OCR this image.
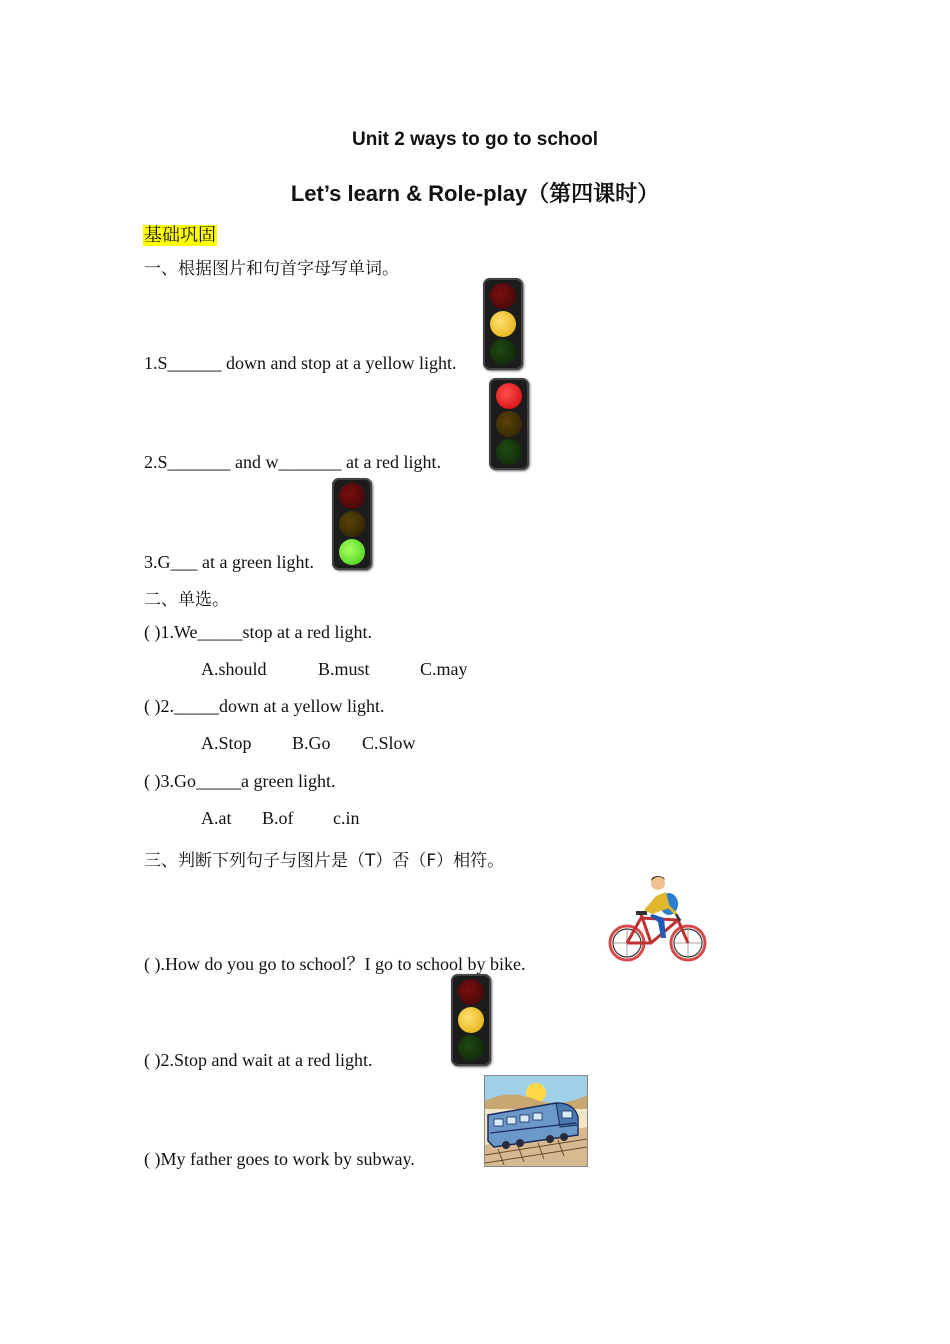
Unit 2 ways to go to school
Let’s learn & Role-play（第四课时）
基础巩固
一、根据图片和句首字母写单词。
1.S______ down and stop at a yellow light.
2.S_______ and w_______ at a red light.
3.G___ at a green light.
二、单选。
( )1.We_____stop at a red light.
A.should	B.must	C.may
( )2._____down at a yellow light.
A.Stop B.Go C.Slow
( )3.Go_____a green light.
A.at B.of c.in
三、判断下列句子与图片是（T）否（F）相符。
( ).How do you go to school？I go to school by bike.
( )2.Stop and wait at a red light.
( )My father goes to work by subway.
